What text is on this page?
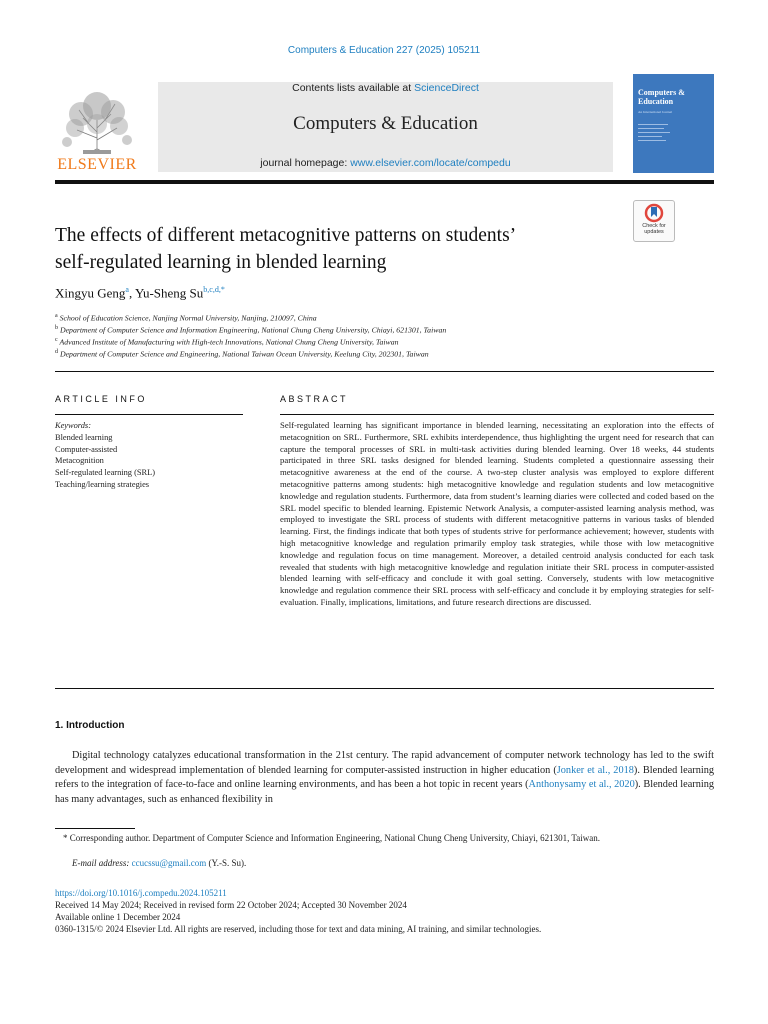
Computers & Education 227 (2025) 105211
ELSEVIER
Contents lists available at ScienceDirect
Computers & Education
journal homepage: www.elsevier.com/locate/compedu
Computers & Education
An International Journal
Check for updates
The effects of different metacognitive patterns on students’
self-regulated learning in blended learning
Xingyu Geng$^a$, Yu-Sheng Su$^{b,c,d,*}$
$^a$ School of Education Science, Nanjing Normal University, Nanjing, 210097, China
$^b$ Department of Computer Science and Information Engineering, National Chung Cheng University, Chiayi, 621301, Taiwan
$^c$ Advanced Institute of Manufacturing with High-tech Innovations, National Chung Cheng University, Taiwan
$^d$ Department of Computer Science and Engineering, National Taiwan Ocean University, Keelung City, 202301, Taiwan
ARTICLE INFO
Keywords:
Blended learning
Computer-assisted
Metacognition
Self-regulated learning (SRL)
Teaching/learning strategies
ABSTRACT
Self-regulated learning has significant importance in blended learning, necessitating an exploration into the effects of metacognition on SRL. Furthermore, SRL exhibits interdependence, thus highlighting the urgent need for research that can capture the temporal processes of SRL in multi-task activities during blended learning. Over 18 weeks, 44 students participated in three SRL tasks designed for blended learning. Students completed a questionnaire assessing their metacognitive awareness at the end of the course. A two-step cluster analysis was employed to explore different metacognitive patterns among students: high metacognitive knowledge and regulation students and low metacognitive knowledge and regulation students. Furthermore, data from student’s learning diaries were collected and coded based on the SRL model specific to blended learning. Epistemic Network Analysis, a computer-assisted learning analysis method, was employed to investigate the SRL process of students with different metacognitive patterns in various tasks of blended learning. First, the findings indicate that both types of students strive for performance achievement; however, students with high metacognitive knowledge and regulation primarily employ task strategies, while those with low metacognitive knowledge and regulation focus on time management. Moreover, a detailed centroid analysis conducted for each task revealed that students with high metacognitive knowledge and regulation initiate their SRL process in computer-assisted blended learning with self-efficacy and conclude it with goal setting. Conversely, students with low metacognitive knowledge and regulation commence their SRL process with self-efficacy and conclude it by employing strategies for self-evaluation. Finally, implications, limitations, and future research directions are discussed.
1. Introduction
Digital technology catalyzes educational transformation in the 21st century. The rapid advancement of computer network technology has led to the swift development and widespread implementation of blended learning for computer-assisted instruction in higher education (Jonker et al., 2018). Blended learning refers to the integration of face-to-face and online learning environments, and has been a hot topic in recent years (Anthonysamy et al., 2020). Blended learning has many advantages, such as enhanced flexibility in
* Corresponding author. Department of Computer Science and Information Engineering, National Chung Cheng University, Chiayi, 621301, Taiwan.
E-mail address: ccucssu@gmail.com (Y.-S. Su).
https://doi.org/10.1016/j.compedu.2024.105211
Received 14 May 2024; Received in revised form 22 October 2024; Accepted 30 November 2024
Available online 1 December 2024
0360-1315/© 2024 Elsevier Ltd. All rights are reserved, including those for text and data mining, AI training, and similar technologies.
